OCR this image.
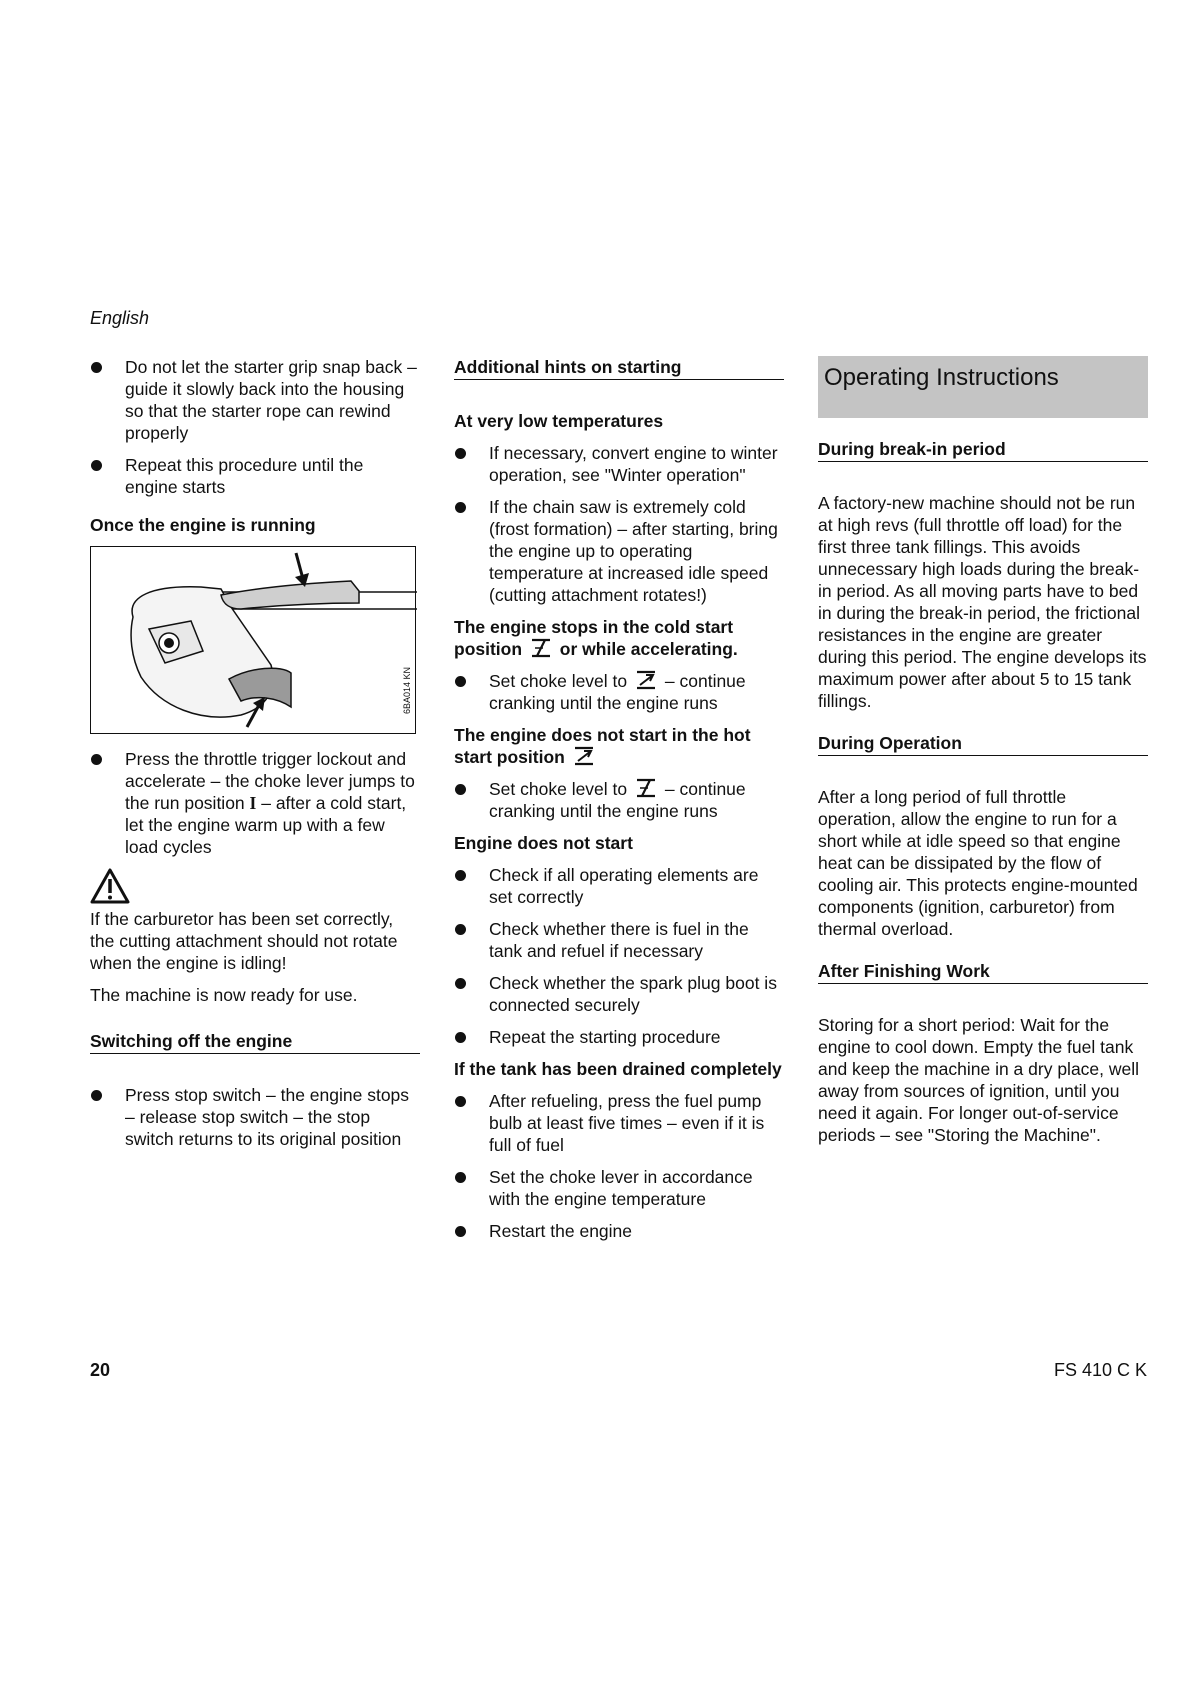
English
Do not let the starter grip snap back – guide it slowly back into the housing so that the starter rope can rewind properly
Repeat this procedure until the engine starts
Once the engine is running
6BA014 KN
Press the throttle trigger lockout and accelerate – the choke lever jumps to the run position I – after a cold start, let the engine warm up with a few load cycles
If the carburetor has been set correctly, the cutting attachment should not rotate when the engine is idling!
The machine is now ready for use.
Switching off the engine
Press stop switch – the engine stops – release stop switch – the stop switch returns to its original position
Additional hints on starting
At very low temperatures
If necessary, convert engine to winter operation, see "Winter operation"
If the chain saw is extremely cold (frost formation) – after starting, bring the engine up to operating temperature at increased idle speed (cutting attachment rotates!)
The engine stops in the cold start position or while accelerating.
Set choke level to – continue cranking until the engine runs
The engine does not start in the hot start position
Set choke level to – continue cranking until the engine runs
Engine does not start
Check if all operating elements are set correctly
Check whether there is fuel in the tank and refuel if necessary
Check whether the spark plug boot is connected securely
Repeat the starting procedure
If the tank has been drained completely
After refueling, press the fuel pump bulb at least five times – even if it is full of fuel
Set the choke lever in accordance with the engine temperature
Restart the engine
Operating Instructions
During break-in period
A factory-new machine should not be run at high revs (full throttle off load) for the first three tank fillings. This avoids unnecessary high loads during the break-in period. As all moving parts have to bed in during the break-in period, the frictional resistances in the engine are greater during this period. The engine develops its maximum power after about 5 to 15 tank fillings.
During Operation
After a long period of full throttle operation, allow the engine to run for a short while at idle speed so that engine heat can be dissipated by the flow of cooling air. This protects engine-mounted components (ignition, carburetor) from thermal overload.
After Finishing Work
Storing for a short period: Wait for the engine to cool down. Empty the fuel tank and keep the machine in a dry place, well away from sources of ignition, until you need it again. For longer out-of-service periods – see "Storing the Machine".
20	FS 410 C K
